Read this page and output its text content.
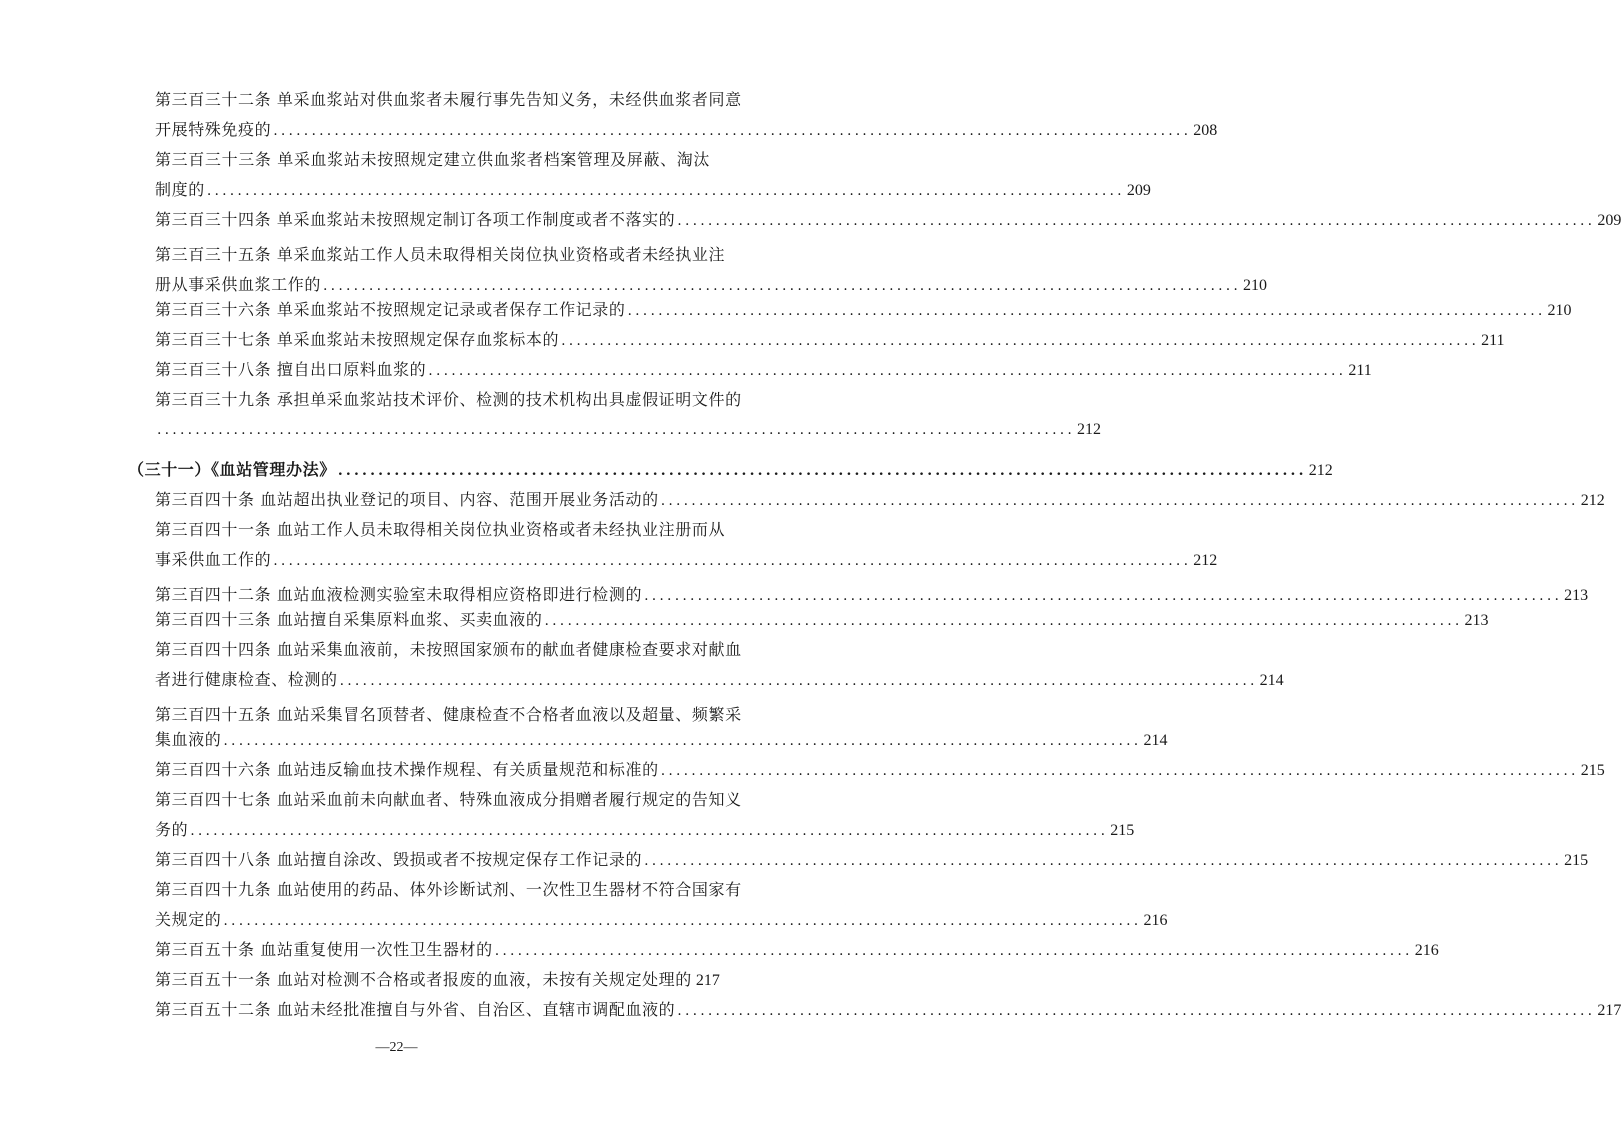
第三百三十二条 单采血浆站对供血浆者未履行事先告知义务，未经供血浆者同意
开展特殊免疫的 ........................................................................................................................ 208
第三百三十三条 单采血浆站未按照规定建立供血浆者档案管理及屏蔽、淘汰
制度的 ........................................................................................................................ 209
第三百三十四条 单采血浆站未按照规定制订各项工作制度或者不落实的 ........................................................................................................................ 209
第三百三十五条 单采血浆站工作人员未取得相关岗位执业资格或者未经执业注
册从事采供血浆工作的 ........................................................................................................................ 210
第三百三十六条 单采血浆站不按照规定记录或者保存工作记录的 ........................................................................................................................ 210
第三百三十七条 单采血浆站未按照规定保存血浆标本的 ........................................................................................................................ 211
第三百三十八条 擅自出口原料血浆的 ........................................................................................................................ 211
第三百三十九条 承担单采血浆站技术评价、检测的技术机构出具虚假证明文件的
........................................................................................................................ 212
（三十一）《血站管理办法》 ........................................................................................................................ 212
第三百四十条 血站超出执业登记的项目、内容、范围开展业务活动的 ........................................................................................................................ 212
第三百四十一条 血站工作人员未取得相关岗位执业资格或者未经执业注册而从
事采供血工作的 ........................................................................................................................ 212
第三百四十二条 血站血液检测实验室未取得相应资格即进行检测的 ........................................................................................................................ 213
第三百四十三条 血站擅自采集原料血浆、买卖血液的 ........................................................................................................................ 213
第三百四十四条 血站采集血液前，未按照国家颁布的献血者健康检查要求对献血
者进行健康检查、检测的 ........................................................................................................................ 214
第三百四十五条 血站采集冒名顶替者、健康检查不合格者血液以及超量、频繁采
集血液的 ........................................................................................................................ 214
第三百四十六条 血站违反输血技术操作规程、有关质量规范和标准的 ........................................................................................................................ 215
第三百四十七条 血站采血前未向献血者、特殊血液成分捐赠者履行规定的告知义
务的 ........................................................................................................................ 215
第三百四十八条 血站擅自涂改、毁损或者不按规定保存工作记录的 ........................................................................................................................ 215
第三百四十九条 血站使用的药品、体外诊断试剂、一次性卫生器材不符合国家有
关规定的 ........................................................................................................................ 216
第三百五十条 血站重复使用一次性卫生器材的 ........................................................................................................................ 216
第三百五十一条 血站对检测不合格或者报废的血液，未按有关规定处理的 217
第三百五十二条 血站未经批准擅自与外省、自治区、直辖市调配血液的 ........................................................................................................................ 217
—22—
